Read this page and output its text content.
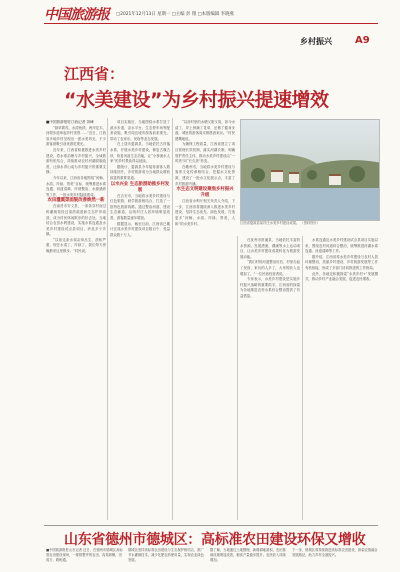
中国旅游报 □2021年12月13日 星期一 □主编 彭 翔 □本版编辑 李晓燕
乡村振兴 A9
江西省：
“水美建设”为乡村振兴提速增效

■中国旅游报驻江西记者 刘峰

“绿草繁茂、水清鱼跃、两岸花木，河堤步道串起乡村美景……”近日，江西省多地乡村呈现出一派水美风光，不少游客被吸引前来游览观光。

近年来，江西省积极推进水美乡村建设，将水系治理与乡村振兴、全域旅游有机结合，持续推动农村河湖面貌改善，让绿水青山成为乡村振兴的重要支撑。

今年以来，江西省各地围绕“河畅、水清、岸绿、景美”目标，统筹推进水系连通、河道清障、岸坡整治、水源涵养等工作，一批水美乡村陆续建成。

农田灌溉渠面貌改善焕然一新

在南昌市安义县，一条条穿村而过的灌溉渠经过清淤疏浚和生态护岸改造，成为村民休闲散步的好去处。当地结合农田水利建设，实施水系连通及水美乡村建设试点县项目，涉及多个乡镇。

“以前这条水渠杂草丛生、淤积严重，现在水清了、岸绿了，我们每天傍晚都来这里散步。”村民说。

项目实施后，当地围绕水系打造了滨水步道、亲水平台、生态停车场等配套设施，吸引周边城市游客前来观光，带动了农家乐、民宿等业态发展。

在上饶市婺源县，当地依托古村落水系，开展水美乡村建设，修复古堰古坝，恢复河道生态功能，让“小桥流水人家”的乡村景致得以延续。

据统计，婺源县今年接待游客人数持续回升，乡村旅游成为当地群众增收致富的重要渠道。

以水兴业 生态旅游助推乡村发展

在吉安市，当地将水美乡村建设与红色旅游、研学旅游相结合，打造了一批特色旅游线路。通过整治河道、建设生态廊道，沿线村庄人居环境明显改善，游客数量逐年增加。

数据显示，截至目前，江西省已累计完成水美乡村建设项目数百个，受益群众数十万人。

“以前村里的水塘又脏又臭，如今水清了，岸上种满了花草，还修了健身步道，城里的游客周末都愿意来玩。”村民感慨地说。

为确保工程质量，江西省建立了项目管理长效机制，落实河湖长制，明确管护责任主体，推动水美乡村建设由“一时美”向“长久美”转变。

在赣州市，当地将水美乡村建设与客家文化传承相结合，挖掘水文化资源，建设了一批水文化展示点，丰富了乡村旅游内涵。

水生态文明建设聚焦乡村振兴升级

江西省水利厅相关负责人介绍，下一步，江西省将继续深入推进水美乡村建设，坚持生态优先、绿色发展，打造更多“河畅、水清、岸绿、景美、人和”的水美乡村。	江西省婺源县某村庄水美乡村建设成果。 （资料图片）

在抚州市资溪县，当地依托丰富的水资源，发展漂流、溯溪等水上运动项目，让水美乡村建设成果转化为旅游发展动能。

“我们村的河道整治好后，村里办起了民宿，来玩的人多了，大家的收入也增加了。”一位民宿经营者说。

专家表示，水美乡村建设是实施乡村振兴战略的重要抓手，江西省的探索为各地推进农村水系综合整治提供了有益借鉴。

水系连通及水美乡村建设试点县项目实施以来，围绕农村河道综合整治，统筹推进河湖水系连通、河道清障等工作。

据介绍，江西省将水美乡村建设与农村人居环境整治、美丽乡村建设、乡村旅游发展等工作有机衔接，形成了多部门协同推进的工作格局。

此外，各地还积极探索“水美乡村+”发展模式，推动乡村产业融合发展，促进农民增收。

山东省德州市德城区：高标准农田建设环保又增收
■中国旅游报驻山东记者 近日，在德州市德城区高标准农田建设现场，一排排整齐的农田，沟渠纵横，田成方、路相通。
德城区坚持高标准农田建设与生态保护相结合，推广节水灌溉技术，减少化肥农药使用量，实现农业绿色发展。
据了解，当地通过土地整理，新增耕地面积，农田基础设施明显改善，粮食产量稳步提升，农民收入持续增加。
下一步，德城区将持续推进高标准农田建设，探索农旅融合发展路径，助力乡村全面振兴。
